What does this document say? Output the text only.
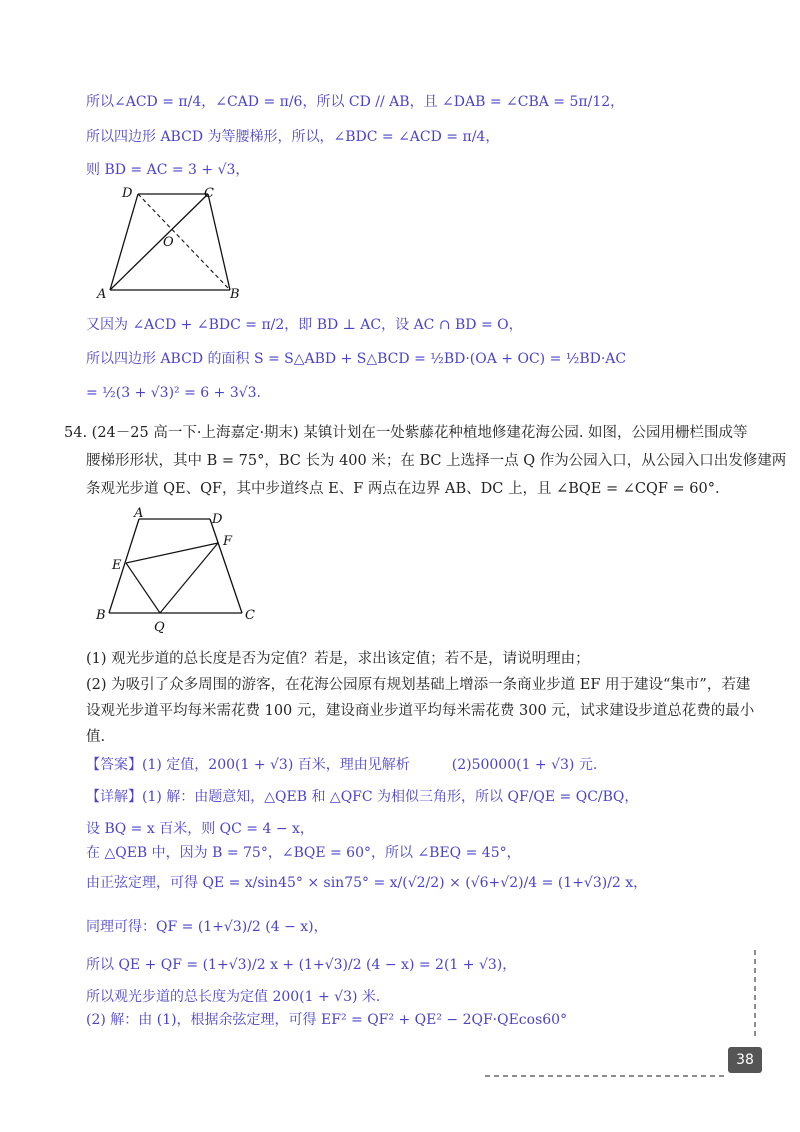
所以∠ACD = π/4，∠CAD = π/6，所以 CD // AB，且 ∠DAB = ∠CBA = 5π/12，
所以四边形 ABCD 为等腰梯形，所以，∠BDC = ∠ACD = π/4，
则 BD = AC = 3 + √3，
D	C
O
A	B
又因为 ∠ACD + ∠BDC = π/2，即 BD ⊥ AC，设 AC ∩ BD = O，
所以四边形 ABCD 的面积 S = S△ABD + S△BCD = ½BD·(OA + OC) = ½BD·AC
= ½(3 + √3)² = 6 + 3√3.
54. (24－25 高一下·上海嘉定·期末) 某镇计划在一处紫藤花种植地修建花海公园. 如图，公园用栅栏围成等
腰梯形形状，其中 B = 75°，BC 长为 400 米；在 BC 上选择一点 Q 作为公园入口，从公园入口出发修建两
条观光步道 QE、QF，其中步道终点 E、F 两点在边界 AB、DC 上，且 ∠BQE = ∠CQF = 60°.
A	D
F
E
B
Q
C
(1) 观光步道的总长度是否为定值？若是，求出该定值；若不是，请说明理由；
(2) 为吸引了众多周围的游客，在花海公园原有规划基础上增添一条商业步道 EF 用于建设“集市”，若建
设观光步道平均每米需花费 100 元，建设商业步道平均每米需花费 300 元，试求建设步道总花费的最小
值.
【答案】(1) 定值，200(1 + √3) 百米，理由见解析　　　(2)50000(1 + √3) 元.
【详解】(1) 解：由题意知，△QEB 和 △QFC 为相似三角形，所以 QF/QE = QC/BQ，
设 BQ = x 百米，则 QC = 4 − x，
在 △QEB 中，因为 B = 75°，∠BQE = 60°，所以 ∠BEQ = 45°，
由正弦定理，可得 QE = x/sin45° × sin75° = x/(√2/2) × (√6+√2)/4 = (1+√3)/2 x，
同理可得：QF = (1+√3)/2 (4 − x)，
所以 QE + QF = (1+√3)/2 x + (1+√3)/2 (4 − x) = 2(1 + √3)，
所以观光步道的总长度为定值 200(1 + √3) 米.
(2) 解：由 (1)，根据余弦定理，可得 EF² = QF² + QE² − 2QF·QEcos60°
38
